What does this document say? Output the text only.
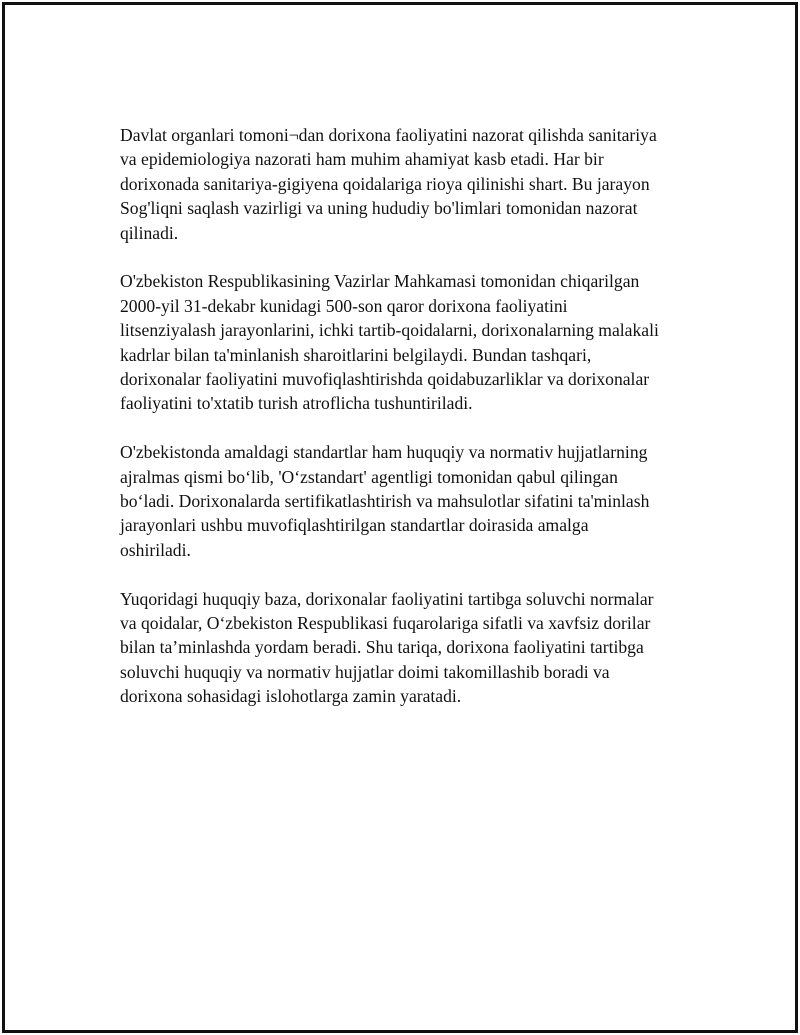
Davlat organlari tomoni¬dan dorixona faoliyatini nazorat qilishda sanitariya
va epidemiologiya nazorati ham muhim ahamiyat kasb etadi. Har bir
dorixonada sanitariya-gigiyena qoidalariga rioya qilinishi shart. Bu jarayon
Sog'liqni saqlash vazirligi va uning hududiy bo'limlari tomonidan nazorat
qilinadi.

O'zbekiston Respublikasining Vazirlar Mahkamasi tomonidan chiqarilgan
2000-yil 31-dekabr kunidagi 500-son qaror dorixona faoliyatini
litsenziyalash jarayonlarini, ichki tartib-qoidalarni, dorixonalarning malakali
kadrlar bilan ta'minlanish sharoitlarini belgilaydi. Bundan tashqari,
dorixonalar faoliyatini muvofiqlashtirishda qoidabuzarliklar va dorixonalar
faoliyatini to'xtatib turish atroflicha tushuntiriladi.

O'zbekistonda amaldagi standartlar ham huquqiy va normativ hujjatlarning
ajralmas qismi bo‘lib, 'O‘zstandart' agentligi tomonidan qabul qilingan
bo‘ladi. Dorixonalarda sertifikatlashtirish va mahsulotlar sifatini ta'minlash
jarayonlari ushbu muvofiqlashtirilgan standartlar doirasida amalga
oshiriladi.

Yuqoridagi huquqiy baza, dorixonalar faoliyatini tartibga soluvchi normalar
va qoidalar, O‘zbekiston Respublikasi fuqarolariga sifatli va xavfsiz dorilar
bilan ta’minlashda yordam beradi. Shu tariqa, dorixona faoliyatini tartibga
soluvchi huquqiy va normativ hujjatlar doimi takomillashib boradi va
dorixona sohasidagi islohotlarga zamin yaratadi.
